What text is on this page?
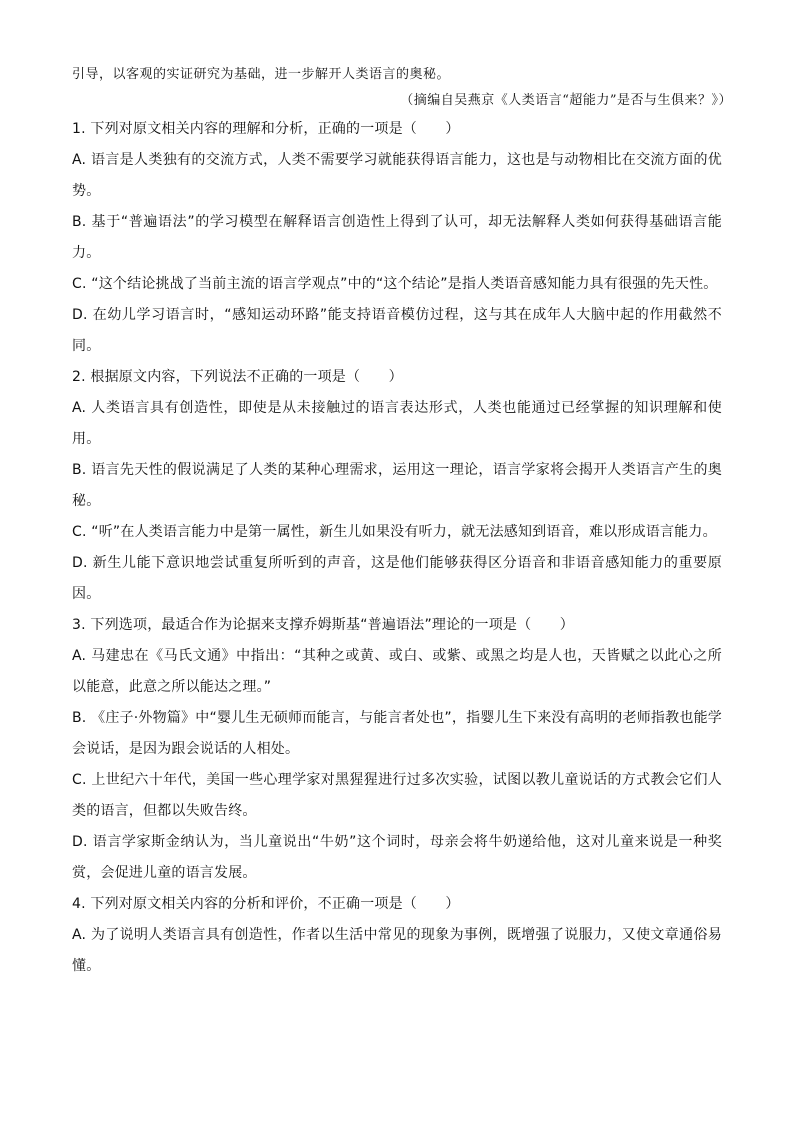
引导，以客观的实证研究为基础，进一步解开人类语言的奥秘。
（摘编自吴燕京《人类语言“超能力”是否与生俱来？》）

1. 下列对原文相关内容的理解和分析，正确的一项是（　　）

A. 语言是人类独有的交流方式，人类不需要学习就能获得语言能力，这也是与动物相比在交流方面的优势。

B. 基于“普遍语法”的学习模型在解释语言创造性上得到了认可，却无法解释人类如何获得基础语言能力。

C. “这个结论挑战了当前主流的语言学观点”中的“这个结论”是指人类语音感知能力具有很强的先天性。

D. 在幼儿学习语言时，“感知运动环路”能支持语音模仿过程，这与其在成年人大脑中起的作用截然不同。

2. 根据原文内容，下列说法不正确的一项是（　　）

A. 人类语言具有创造性，即使是从未接触过的语言表达形式，人类也能通过已经掌握的知识理解和使用。

B. 语言先天性的假说满足了人类的某种心理需求，运用这一理论，语言学家将会揭开人类语言产生的奥秘。

C. “听”在人类语言能力中是第一属性，新生儿如果没有听力，就无法感知到语音，难以形成语言能力。

D. 新生儿能下意识地尝试重复所听到的声音，这是他们能够获得区分语音和非语音感知能力的重要原因。

3. 下列选项，最适合作为论据来支撑乔姆斯基“普遍语法”理论的一项是（　　）

A. 马建忠在《马氏文通》中指出：“其种之或黄、或白、或紫、或黑之均是人也，天皆赋之以此心之所以能意，此意之所以能达之理。”

B. 《庄子·外物篇》中“婴儿生无硕师而能言，与能言者处也”，指婴儿生下来没有高明的老师指教也能学会说话，是因为跟会说话的人相处。

C. 上世纪六十年代，美国一些心理学家对黑猩猩进行过多次实验，试图以教儿童说话的方式教会它们人类的语言，但都以失败告终。

D. 语言学家斯金纳认为，当儿童说出“牛奶”这个词时，母亲会将牛奶递给他，这对儿童来说是一种奖赏，会促进儿童的语言发展。

4. 下列对原文相关内容的分析和评价，不正确一项是（　　）

A. 为了说明人类语言具有创造性，作者以生活中常见的现象为事例，既增强了说服力，又使文章通俗易懂。
